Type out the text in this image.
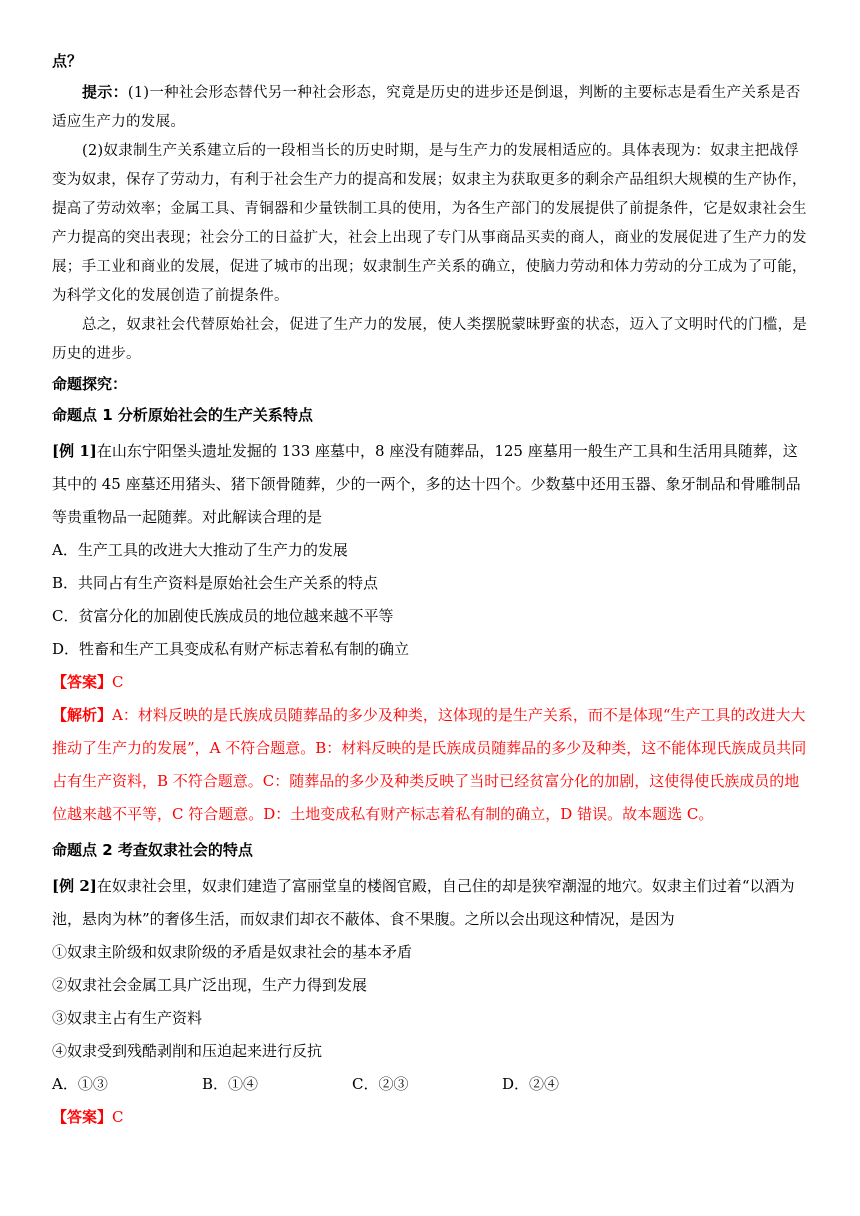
点？

提示：(1)一种社会形态替代另一种社会形态，究竟是历史的进步还是倒退，判断的主要标志是看生产关系是否适应生产力的发展。

(2)奴隶制生产关系建立后的一段相当长的历史时期，是与生产力的发展相适应的。具体表现为：奴隶主把战俘变为奴隶，保存了劳动力，有利于社会生产力的提高和发展；奴隶主为获取更多的剩余产品组织大规模的生产协作，提高了劳动效率；金属工具、青铜器和少量铁制工具的使用，为各生产部门的发展提供了前提条件，它是奴隶社会生产力提高的突出表现；社会分工的日益扩大，社会上出现了专门从事商品买卖的商人，商业的发展促进了生产力的发展；手工业和商业的发展，促进了城市的出现；奴隶制生产关系的确立，使脑力劳动和体力劳动的分工成为了可能，为科学文化的发展创造了前提条件。

总之，奴隶社会代替原始社会，促进了生产力的发展，使人类摆脱蒙昧野蛮的状态，迈入了文明时代的门槛，是历史的进步。

命题探究：

命题点 1 分析原始社会的生产关系特点

[例 1]在山东宁阳堡头遗址发掘的 133 座墓中，8 座没有随葬品，125 座墓用一般生产工具和生活用具随葬，这其中的 45 座墓还用猪头、猪下颌骨随葬，少的一两个，多的达十四个。少数墓中还用玉器、象牙制品和骨雕制品等贵重物品一起随葬。对此解读合理的是

A．生产工具的改进大大推动了生产力的发展

B．共同占有生产资料是原始社会生产关系的特点

C．贫富分化的加剧使氏族成员的地位越来越不平等

D．牲畜和生产工具变成私有财产标志着私有制的确立

【答案】C

【解析】A：材料反映的是氏族成员随葬品的多少及种类，这体现的是生产关系，而不是体现“生产工具的改进大大推动了生产力的发展”，A 不符合题意。B：材料反映的是氏族成员随葬品的多少及种类，这不能体现氏族成员共同占有生产资料，B 不符合题意。C：随葬品的多少及种类反映了当时已经贫富分化的加剧，这使得使氏族成员的地位越来越不平等，C 符合题意。D：土地变成私有财产标志着私有制的确立，D 错误。故本题选 C。

命题点 2 考查奴隶社会的特点

[例 2]在奴隶社会里，奴隶们建造了富丽堂皇的楼阁官殿，自己住的却是狭窄潮湿的地穴。奴隶主们过着“以酒为池，悬肉为林”的奢侈生活，而奴隶们却衣不蔽体、食不果腹。之所以会出现这种情况，是因为

①奴隶主阶级和奴隶阶级的矛盾是奴隶社会的基本矛盾

②奴隶社会金属工具广泛出现，生产力得到发展

③奴隶主占有生产资料

④奴隶受到残酷剥削和压迫起来进行反抗

A．①③	B．①④	C．②③	D．②④

【答案】C
